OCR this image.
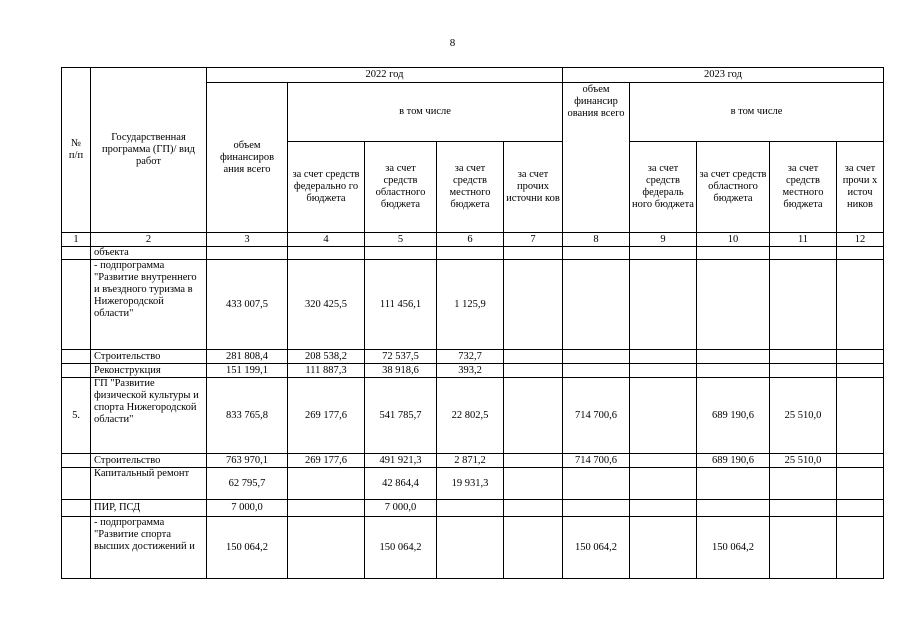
8
№
п/п	Государственная программа (ГП)/ вид работ	2022 год					2023 год				
		объем финансиров ания всего	в том числе				объем финансир ования всего	в том числе			
			за счет средств федерально го бюджета	за счет средств областного бюджета	за счет средств местного бюджета	за счет прочих источни ков		за счет средств федераль ного бюджета	за счет средств областного бюджета	за счет средств местного бюджета	за счет прочи х источ ников
1	2	3	4	5	6	7	8	9	10	11	12
	объекта										
	- подпрограмма "Развитие внутреннего и въездного туризма в Нижегородской области"	433 007,5	320 425,5	111 456,1	1 125,9						
	Строительство	281 808,4	208 538,2	72 537,5	732,7						
	Реконструкция	151 199,1	111 887,3	38 918,6	393,2						
5.	ГП "Развитие физической культуры и спорта Нижегородской области"	833 765,8	269 177,6	541 785,7	22 802,5		714 700,6		689 190,6	25 510,0	
	Строительство	763 970,1	269 177,6	491 921,3	2 871,2		714 700,6		689 190,6	25 510,0	
	Капитальный ремонт	62 795,7		42 864,4	19 931,3						
	ПИР, ПСД	7 000,0		7 000,0							
	- подпрограмма "Развитие спорта высших достижений и	150 064,2		150 064,2			150 064,2		150 064,2		
